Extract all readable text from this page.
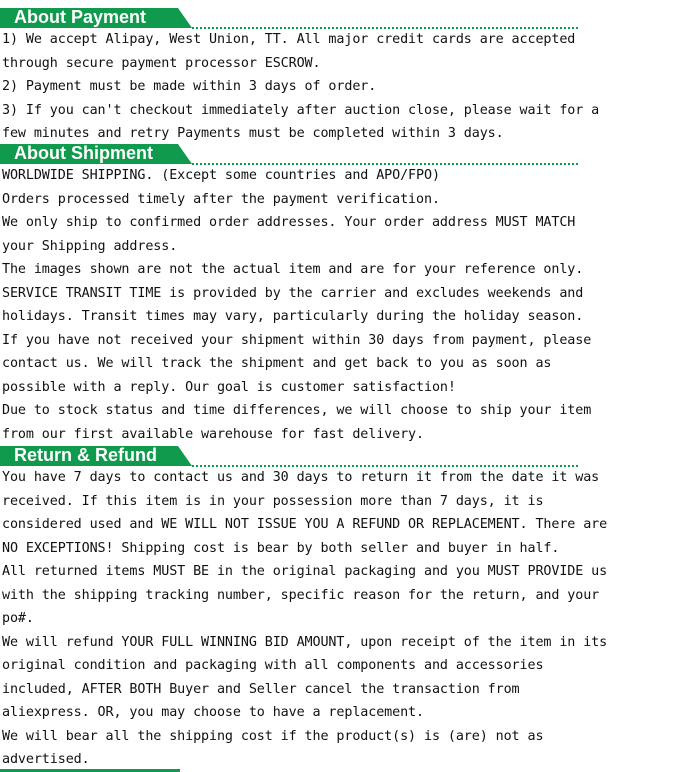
About Payment
1) We accept Alipay, West Union, TT. All major credit cards are accepted
through secure payment processor ESCROW.
2) Payment must be made within 3 days of order.
3) If you can't checkout immediately after auction close, please wait for a
few minutes and retry Payments must be completed within 3 days.
About Shipment
WORLDWIDE SHIPPING. (Except some countries and APO/FPO)
Orders processed timely after the payment verification.
We only ship to confirmed order addresses. Your order address MUST MATCH
your Shipping address.
The images shown are not the actual item and are for your reference only.
SERVICE TRANSIT TIME is provided by the carrier and excludes weekends and
holidays. Transit times may vary, particularly during the holiday season.
If you have not received your shipment within 30 days from payment, please
contact us. We will track the shipment and get back to you as soon as
possible with a reply. Our goal is customer satisfaction!
Due to stock status and time differences, we will choose to ship your item
from our first available warehouse for fast delivery.
Return & Refund
You have 7 days to contact us and 30 days to return it from the date it was
received. If this item is in your possession more than 7 days, it is
considered used and WE WILL NOT ISSUE YOU A REFUND OR REPLACEMENT. There are
NO EXCEPTIONS! Shipping cost is bear by both seller and buyer in half.
All returned items MUST BE in the original packaging and you MUST PROVIDE us
with the shipping tracking number, specific reason for the return, and your
po#.
We will refund YOUR FULL WINNING BID AMOUNT, upon receipt of the item in its
original condition and packaging with all components and accessories
included, AFTER BOTH Buyer and Seller cancel the transaction from
aliexpress. OR, you may choose to have a replacement.
We will bear all the shipping cost if the product(s) is (are) not as
advertised.
